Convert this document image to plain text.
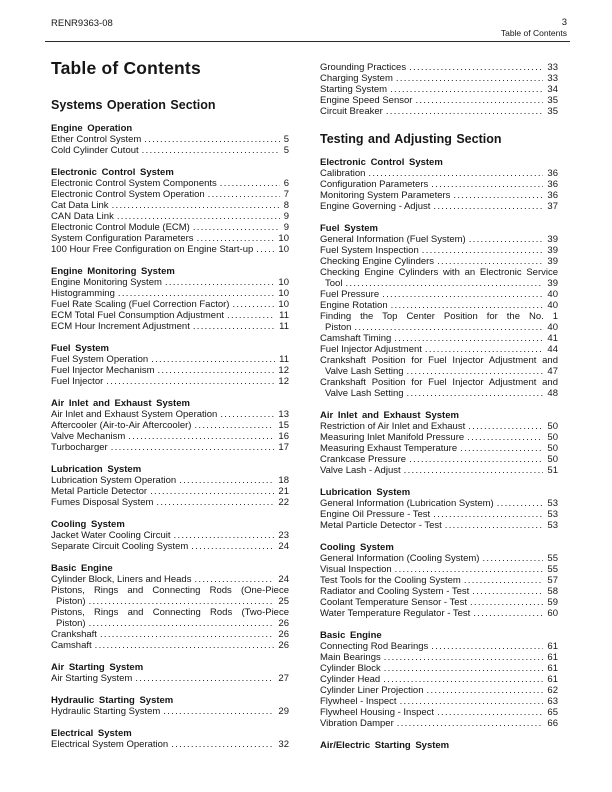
RENR9363-08	3
Table of Contents
Table of Contents
Systems Operation Section
Engine Operation
Ether Control System .....	5
Cold Cylinder Cutout .....	5
Electronic Control System
Electronic Control System Components .....	6
Electronic Control System Operation .....	7
Cat Data Link .....	8
CAN Data Link .....	9
Electronic Control Module (ECM) .....	9
System Configuration Parameters .....	10
100 Hour Free Configuration on Engine Start-up .....	10
Engine Monitoring System
Engine Monitoring System .....	10
Histogramming .....	10
Fuel Rate Scaling (Fuel Correction Factor) .....	10
ECM Total Fuel Consumption Adjustment .....	11
ECM Hour Increment Adjustment .....	11
Fuel System
Fuel System Operation .....	11
Fuel Injector Mechanism .....	12
Fuel Injector .....	12
Air Inlet and Exhaust System
Air Inlet and Exhaust System Operation .....	13
Aftercooler (Air-to-Air Aftercooler) .....	15
Valve Mechanism .....	16
Turbocharger .....	17
Lubrication System
Lubrication System Operation .....	18
Metal Particle Detector .....	21
Fumes Disposal System .....	22
Cooling System
Jacket Water Cooling Circuit .....	23
Separate Circuit Cooling System .....	24
Basic Engine
Cylinder Block, Liners and Heads .....	24
Pistons, Rings and Connecting Rods (One-Piece
Piston) .....	25
Pistons, Rings and Connecting Rods (Two-Piece
Piston) .....	26
Crankshaft .....	26
Camshaft .....	26
Air Starting System
Air Starting System .....	27
Hydraulic Starting System
Hydraulic Starting System .....	29
Electrical System
Electrical System Operation .....	32
Grounding Practices .....	33
Charging System .....	33
Starting System .....	34
Engine Speed Sensor .....	35
Circuit Breaker .....	35
Testing and Adjusting Section
Electronic Control System
Calibration .....	36
Configuration Parameters .....	36
Monitoring System Parameters .....	36
Engine Governing - Adjust .....	37
Fuel System
General Information (Fuel System) .....	39
Fuel System Inspection .....	39
Checking Engine Cylinders .....	39
Checking Engine Cylinders with an Electronic Service
Tool .....	39
Fuel Pressure .....	40
Engine Rotation .....	40
Finding the Top Center Position for the No. 1
Piston .....	40
Camshaft Timing .....	41
Fuel Injector Adjustment .....	44
Crankshaft Position for Fuel Injector Adjustment and
Valve Lash Setting .....	47
Crankshaft Position for Fuel Injector Adjustment and
Valve Lash Setting .....	48
Air Inlet and Exhaust System
Restriction of Air Inlet and Exhaust .....	50
Measuring Inlet Manifold Pressure .....	50
Measuring Exhaust Temperature .....	50
Crankcase Pressure .....	50
Valve Lash - Adjust .....	51
Lubrication System
General Information (Lubrication System) .....	53
Engine Oil Pressure - Test .....	53
Metal Particle Detector - Test .....	53
Cooling System
General Information (Cooling System) .....	55
Visual Inspection .....	55
Test Tools for the Cooling System .....	57
Radiator and Cooling System - Test .....	58
Coolant Temperature Sensor - Test .....	59
Water Temperature Regulator - Test .....	60
Basic Engine
Connecting Rod Bearings .....	61
Main Bearings .....	61
Cylinder Block .....	61
Cylinder Head .....	61
Cylinder Liner Projection .....	62
Flywheel - Inspect .....	63
Flywheel Housing - Inspect .....	65
Vibration Damper .....	66
Air/Electric Starting System
